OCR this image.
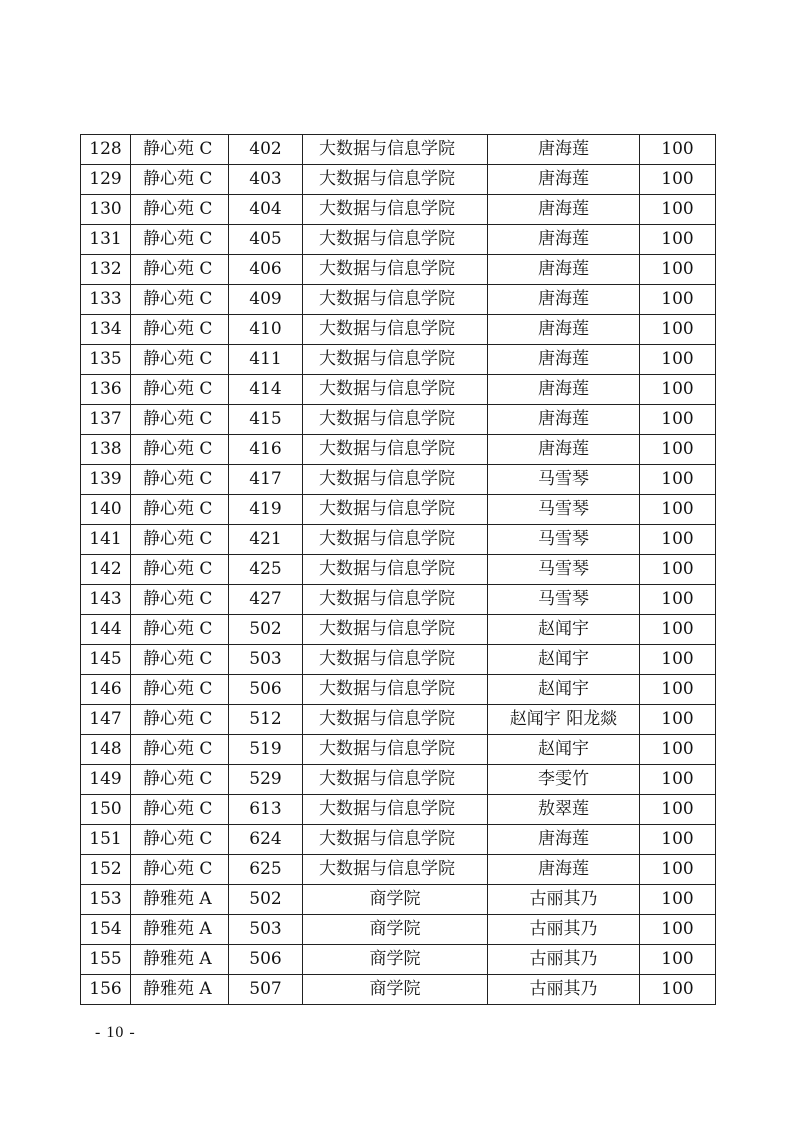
128	静心苑 C	402	大数据与信息学院	唐海莲	100
129	静心苑 C	403	大数据与信息学院	唐海莲	100
130	静心苑 C	404	大数据与信息学院	唐海莲	100
131	静心苑 C	405	大数据与信息学院	唐海莲	100
132	静心苑 C	406	大数据与信息学院	唐海莲	100
133	静心苑 C	409	大数据与信息学院	唐海莲	100
134	静心苑 C	410	大数据与信息学院	唐海莲	100
135	静心苑 C	411	大数据与信息学院	唐海莲	100
136	静心苑 C	414	大数据与信息学院	唐海莲	100
137	静心苑 C	415	大数据与信息学院	唐海莲	100
138	静心苑 C	416	大数据与信息学院	唐海莲	100
139	静心苑 C	417	大数据与信息学院	马雪琴	100
140	静心苑 C	419	大数据与信息学院	马雪琴	100
141	静心苑 C	421	大数据与信息学院	马雪琴	100
142	静心苑 C	425	大数据与信息学院	马雪琴	100
143	静心苑 C	427	大数据与信息学院	马雪琴	100
144	静心苑 C	502	大数据与信息学院	赵闻宇	100
145	静心苑 C	503	大数据与信息学院	赵闻宇	100
146	静心苑 C	506	大数据与信息学院	赵闻宇	100
147	静心苑 C	512	大数据与信息学院	赵闻宇 阳龙燚	100
148	静心苑 C	519	大数据与信息学院	赵闻宇	100
149	静心苑 C	529	大数据与信息学院	李雯竹	100
150	静心苑 C	613	大数据与信息学院	敖翠莲	100
151	静心苑 C	624	大数据与信息学院	唐海莲	100
152	静心苑 C	625	大数据与信息学院	唐海莲	100
153	静雅苑 A	502	商学院	古丽其乃	100
154	静雅苑 A	503	商学院	古丽其乃	100
155	静雅苑 A	506	商学院	古丽其乃	100
156	静雅苑 A	507	商学院	古丽其乃	100
- 10 -
